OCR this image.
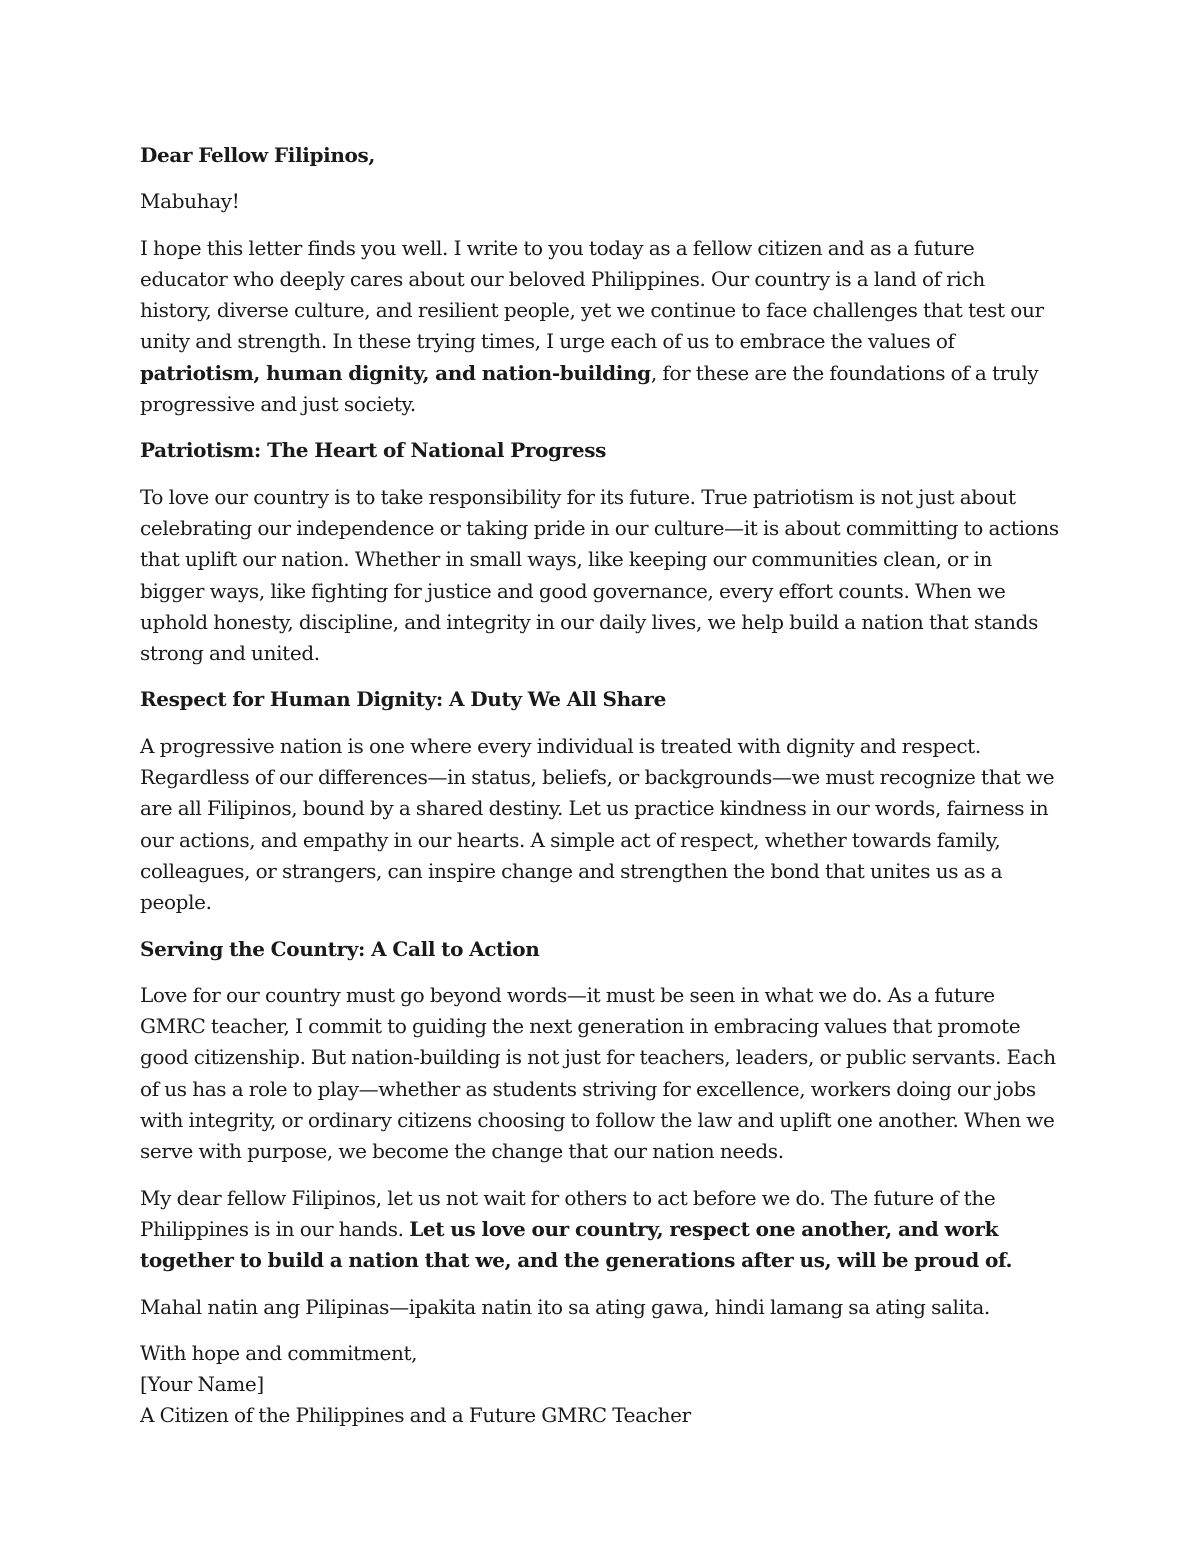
Dear Fellow Filipinos,

Mabuhay!

I hope this letter finds you well. I write to you today as a fellow citizen and as a future educator who deeply cares about our beloved Philippines. Our country is a land of rich history, diverse culture, and resilient people, yet we continue to face challenges that test our unity and strength. In these trying times, I urge each of us to embrace the values of patriotism, human dignity, and nation-building, for these are the foundations of a truly progressive and just society.

Patriotism: The Heart of National Progress

To love our country is to take responsibility for its future. True patriotism is not just about celebrating our independence or taking pride in our culture—it is about committing to actions that uplift our nation. Whether in small ways, like keeping our communities clean, or in bigger ways, like fighting for justice and good governance, every effort counts. When we uphold honesty, discipline, and integrity in our daily lives, we help build a nation that stands strong and united.

Respect for Human Dignity: A Duty We All Share

A progressive nation is one where every individual is treated with dignity and respect. Regardless of our differences—in status, beliefs, or backgrounds—we must recognize that we are all Filipinos, bound by a shared destiny. Let us practice kindness in our words, fairness in our actions, and empathy in our hearts. A simple act of respect, whether towards family, colleagues, or strangers, can inspire change and strengthen the bond that unites us as a people.

Serving the Country: A Call to Action

Love for our country must go beyond words—it must be seen in what we do. As a future GMRC teacher, I commit to guiding the next generation in embracing values that promote good citizenship. But nation-building is not just for teachers, leaders, or public servants. Each of us has a role to play—whether as students striving for excellence, workers doing our jobs with integrity, or ordinary citizens choosing to follow the law and uplift one another. When we serve with purpose, we become the change that our nation needs.

My dear fellow Filipinos, let us not wait for others to act before we do. The future of the Philippines is in our hands. Let us love our country, respect one another, and work together to build a nation that we, and the generations after us, will be proud of.

Mahal natin ang Pilipinas—ipakita natin ito sa ating gawa, hindi lamang sa ating salita.

With hope and commitment,
[Your Name]
A Citizen of the Philippines and a Future GMRC Teacher
